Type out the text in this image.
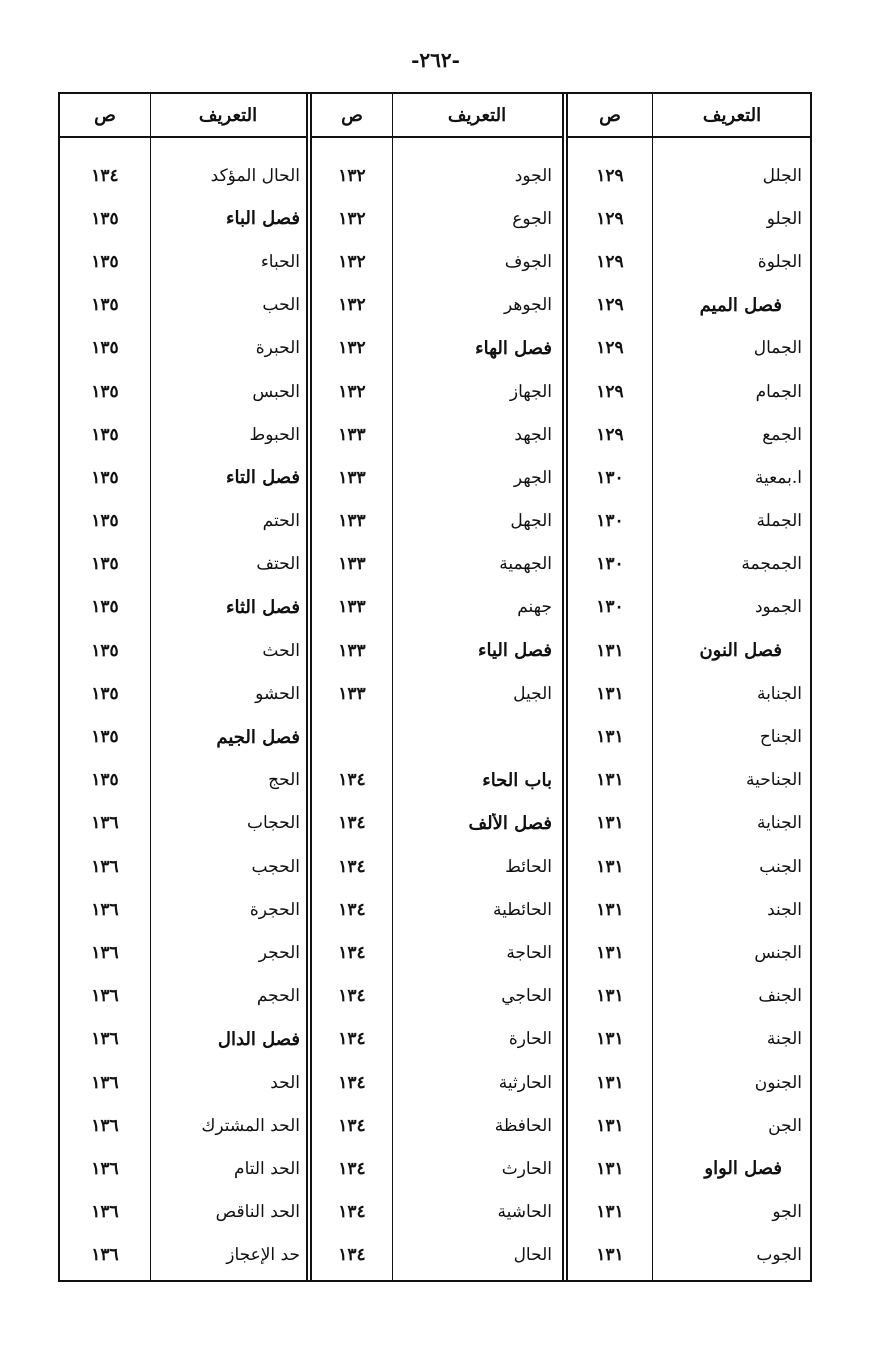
-٢٦٢-
التعريف
ص
الجلل
١٢٩
الجلو
١٢٩
الجلوة
١٢٩
فصل الميم
١٢٩
الجمال
١٢٩
الجمام
١٢٩
الجمع
١٢٩
ا.بمعية
١٣٠
الجملة
١٣٠
الجمجمة
١٣٠
الجمود
١٣٠
فصل النون
١٣١
الجنابة
١٣١
الجناح
١٣١
الجناحية
١٣١
الجناية
١٣١
الجنب
١٣١
الجند
١٣١
الجنس
١٣١
الجنف
١٣١
الجنة
١٣١
الجنون
١٣١
الجن
١٣١
فصل الواو
١٣١
الجو
١٣١
الجوب
١٣١
التعريف
ص
الجود
١٣٢
الجوع
١٣٢
الجوف
١٣٢
الجوهر
١٣٢
فصل الهاء
١٣٢
الجهاز
١٣٢
الجهد
١٣٣
الجهر
١٣٣
الجهل
١٣٣
الجهمية
١٣٣
جهنم
١٣٣
فصل الياء
١٣٣
الجيل
١٣٣
باب الحاء
١٣٤
فصل الألف
١٣٤
الحائط
١٣٤
الحائطية
١٣٤
الحاجة
١٣٤
الحاجي
١٣٤
الحارة
١٣٤
الحارثية
١٣٤
الحافظة
١٣٤
الحارث
١٣٤
الحاشية
١٣٤
الحال
١٣٤
التعريف
ص
الحال المؤكد
١٣٤
فصل الباء
١٣٥
الحباء
١٣٥
الحب
١٣٥
الحبرة
١٣٥
الحبس
١٣٥
الحبوط
١٣٥
فصل التاء
١٣٥
الحتم
١٣٥
الحتف
١٣٥
فصل الثاء
١٣٥
الحث
١٣٥
الحشو
١٣٥
فصل الجيم
١٣٥
الحج
١٣٥
الحجاب
١٣٦
الحجب
١٣٦
الحجرة
١٣٦
الحجر
١٣٦
الحجم
١٣٦
فصل الدال
١٣٦
الحد
١٣٦
الحد المشترك
١٣٦
الحد التام
١٣٦
الحد الناقص
١٣٦
حد الإعجاز
١٣٦
